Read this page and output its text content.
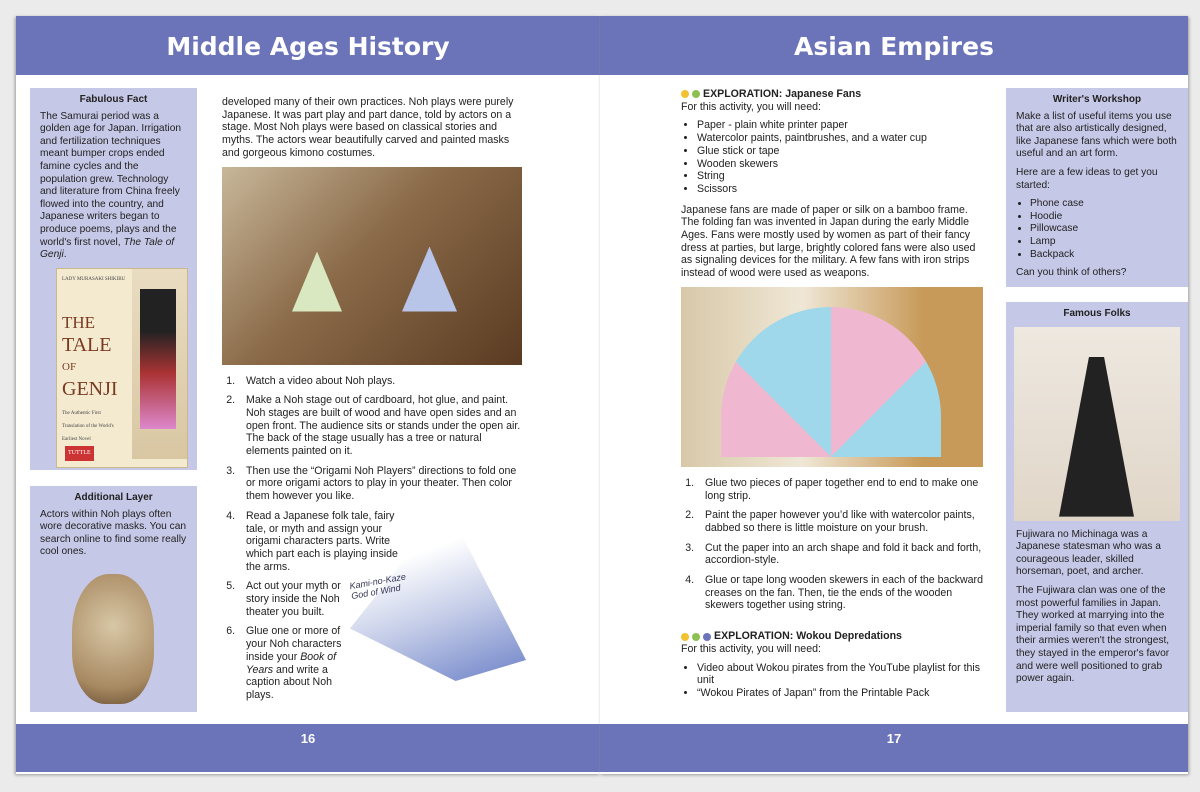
Middle Ages History
Fabulous Fact

The Samurai period was a golden age for Japan. Irrigation and fertilization techniques meant bumper crops ended famine cycles and the population grew. Technology and literature from China freely flowed into the country, and Japanese writers began to produce poems, plays and the world's first novel, The Tale of Genji.

LADY MURASAKI SHIKIBU
THE
TALE
OF
GENJI
The Authentic First Translation of the World's Earliest Novel
TUTTLE
Additional Layer

Actors within Noh plays often wore decorative masks. You can search online to find some really cool ones.

developed many of their own practices. Noh plays were purely Japanese. It was part play and part dance, told by actors on a stage. Most Noh plays were based on classical stories and myths. The actors wear beautifully carved and painted masks and gorgeous kimono costumes.

1. Watch a video about Noh plays.
2. Make a Noh stage out of cardboard, hot glue, and paint. Noh stages are built of wood and have open sides and an open front. The audience sits or stands under the open air. The back of the stage usually has a tree or natural elements painted on it.
3. Then use the “Origami Noh Players” directions to fold one or more origami actors to play in your theater. Then color them however you like.
4. Read a Japanese folk tale, fairy tale, or myth and assign your origami characters parts. Write which part each is playing inside the arms.
5. Act out your myth or story inside the Noh theater you built.
6. Glue one or more of your Noh characters inside your Book of Years and write a caption about Noh plays.
Kami-no-Kaze God of Wind
16
Asian Empires
EXPLORATION: Japanese Fans
For this activity, you will need:
• Paper - plain white printer paper
• Watercolor paints, paintbrushes, and a water cup
• Glue stick or tape
• Wooden skewers
• String
• Scissors

Japanese fans are made of paper or silk on a bamboo frame. The folding fan was invented in Japan during the early Middle Ages. Fans were mostly used by women as part of their fancy dress at parties, but large, brightly colored fans were also used as signaling devices for the military. A few fans with iron strips instead of wood were used as weapons.

1. Glue two pieces of paper together end to end to make one long strip.
2. Paint the paper however you’d like with watercolor paints, dabbed so there is little moisture on your brush.
3. Cut the paper into an arch shape and fold it back and forth, accordion-style.
4. Glue or tape long wooden skewers in each of the backward creases on the fan. Then, tie the ends of the wooden skewers together using string.
EXPLORATION: Wokou Depredations
For this activity, you will need:
• Video about Wokou pirates from the YouTube playlist for this unit
• “Wokou Pirates of Japan” from the Printable Pack
Writer's Workshop

Make a list of useful items you use that are also artistically designed, like Japanese fans which were both useful and an art form.

Here are a few ideas to get you started:

• Phone case
• Hoodie
• Pillowcase
• Lamp
• Backpack

Can you think of others?

Famous Folks

Fujiwara no Michinaga was a Japanese statesman who was a courageous leader, skilled horseman, poet, and archer.

The Fujiwara clan was one of the most powerful families in Japan. They worked at marrying into the imperial family so that even when their armies weren't the strongest, they stayed in the emperor's favor and were well positioned to grab power again.

17
